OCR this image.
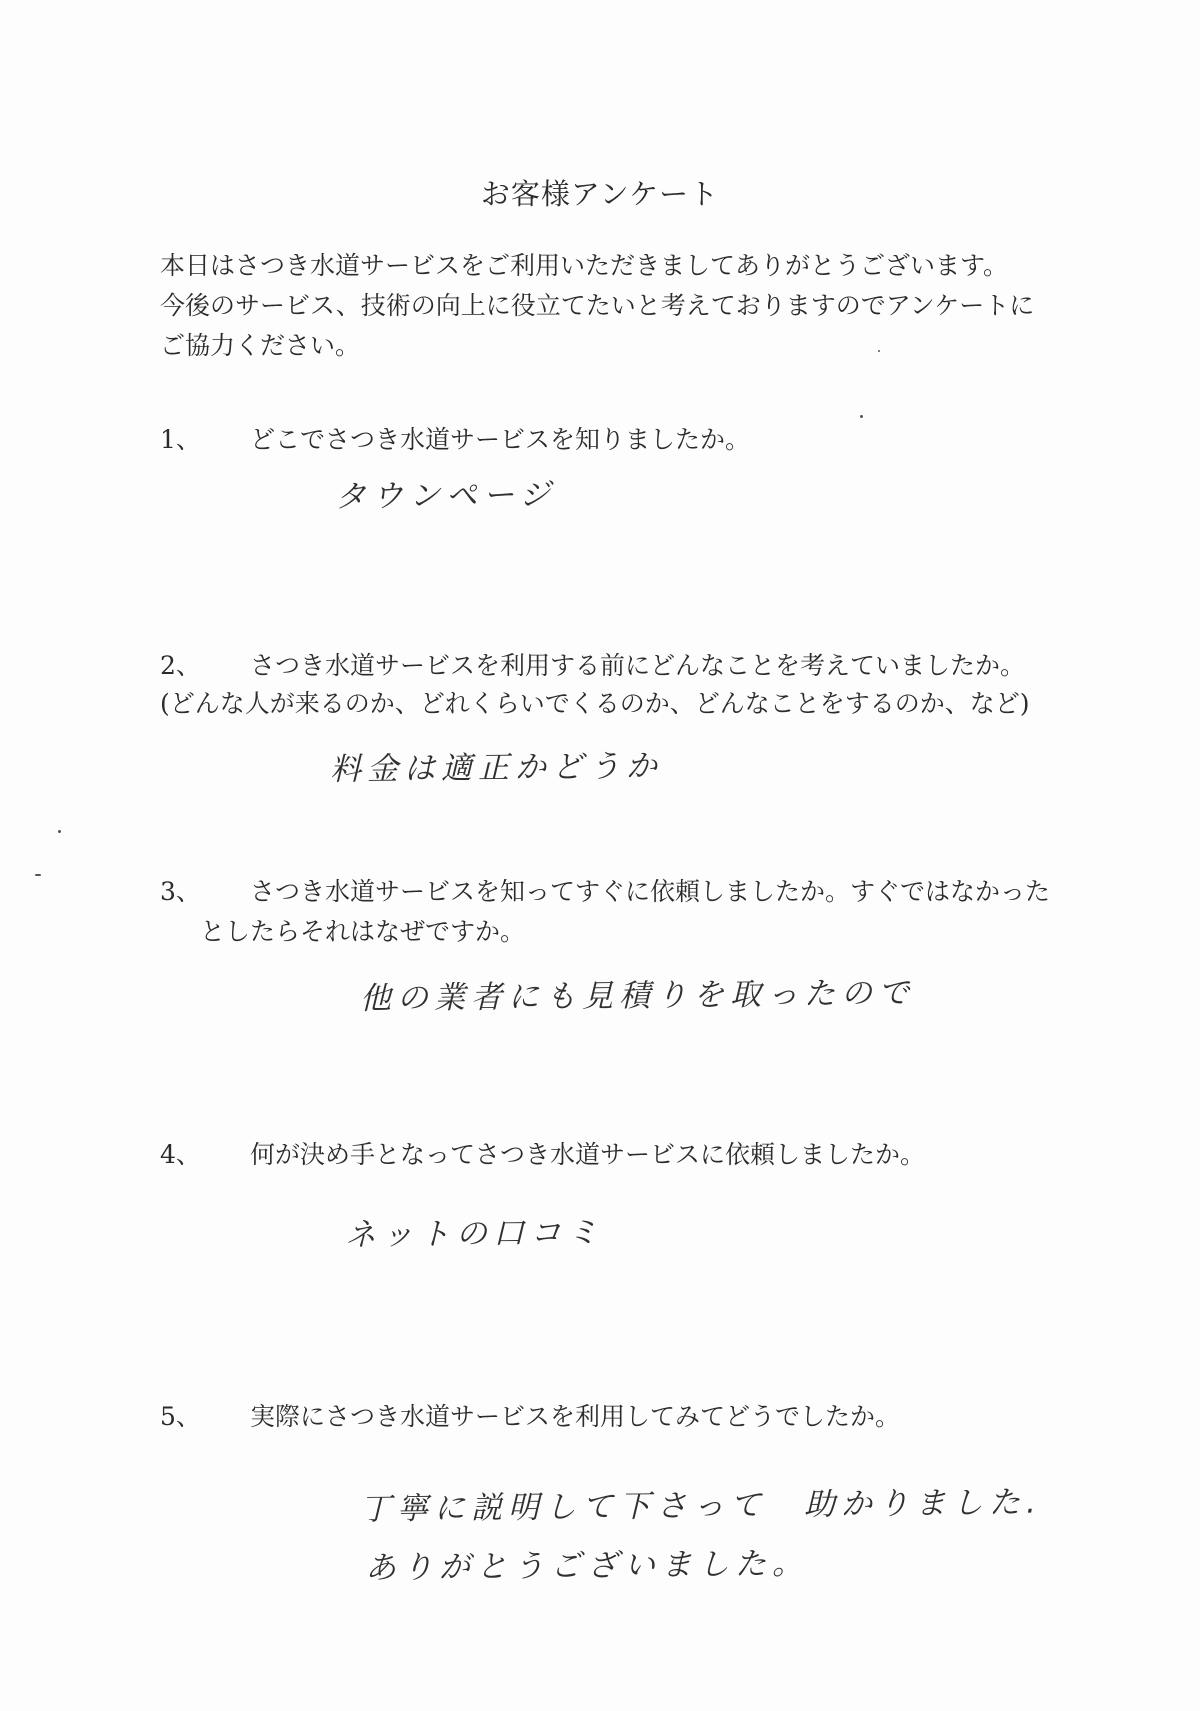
お客様アンケート
本日はさつき水道サービスをご利用いただきましてありがとうございます。
今後のサービス、技術の向上に役立てたいと考えておりますのでアンケートに
ご協力ください。
1、 どこでさつき水道サービスを知りましたか。
タウンページ
2、 さつき水道サービスを利用する前にどんなことを考えていましたか。
(どんな人が来るのか、どれくらいでくるのか、どんなことをするのか、など)
料金は適正かどうか
3、 さつき水道サービスを知ってすぐに依頼しましたか。すぐではなかった
としたらそれはなぜですか。
他の業者にも見積りを取ったので
4、 何が決め手となってさつき水道サービスに依頼しましたか。
ネットの口コミ
5、 実際にさつき水道サービスを利用してみてどうでしたか。
丁寧に説明して下さって　助かりました.
ありがとうございました。
